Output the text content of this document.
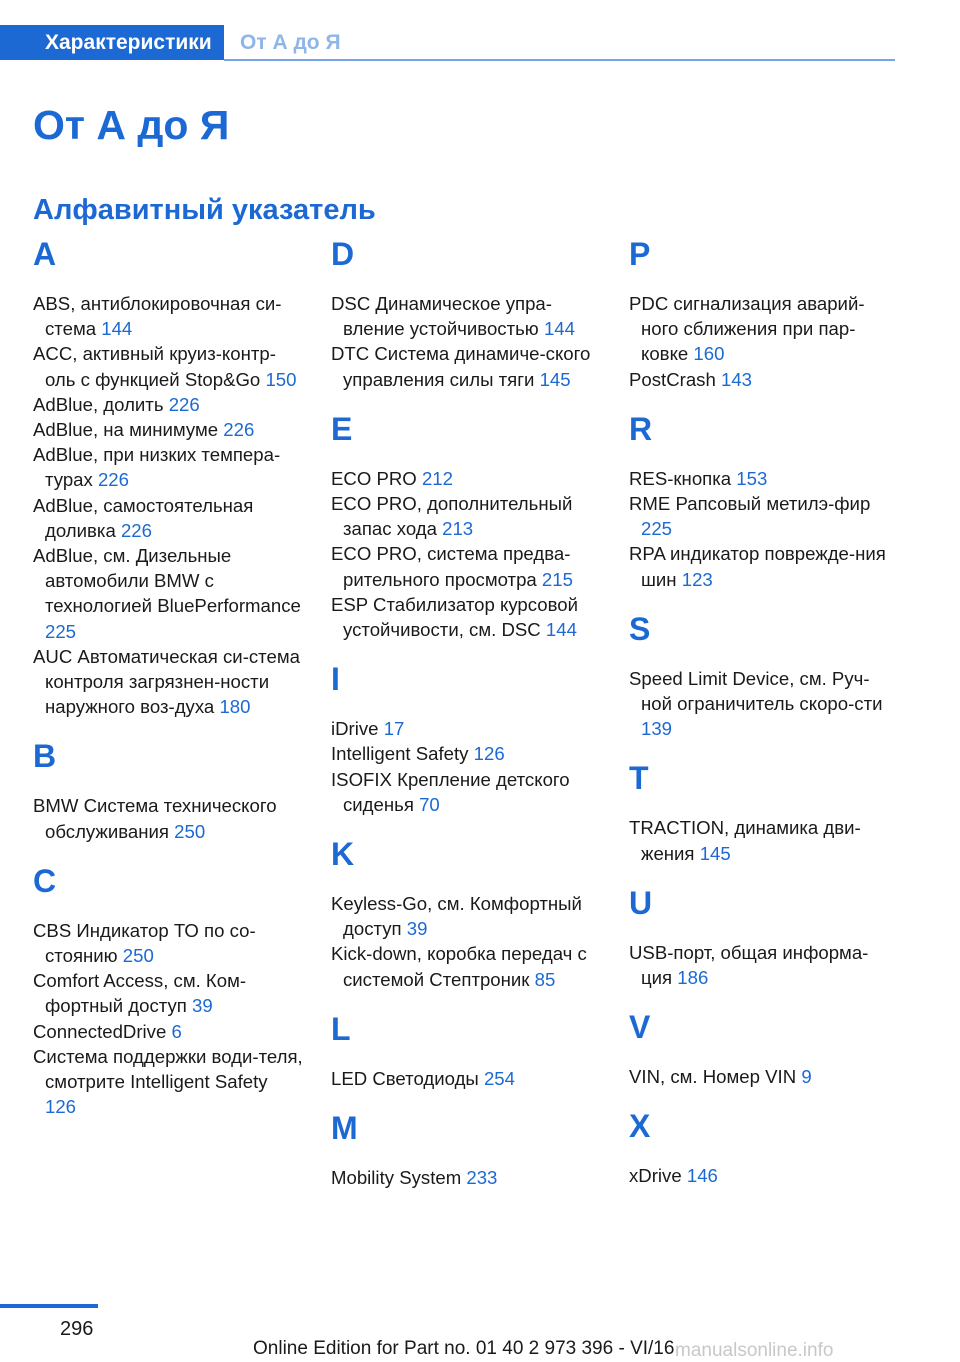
Характеристики	От А до Я
От А до Я
Алфавитный указатель
A
ABS, антиблокировочная си-стема 144
ACC, активный круиз-контр-оль с функцией Stop&Go 150
AdBlue, долить 226
AdBlue, на минимуме 226
AdBlue, при низких темпера-турах 226
AdBlue, самостоятельная доливка 226
AdBlue, см. Дизельные автомобили BMW с технологией BluePerformance 225
AUC Автоматическая си-стема контроля загрязнен-ности наружного воз-духа 180
B
BMW Система технического обслуживания 250
C
CBS Индикатор ТО по со-стоянию 250
Comfort Access, см. Ком-фортный доступ 39
ConnectedDrive 6
Система поддержки води-теля, смотрите Intelligent Safety 126
D
DSC Динамическое упра-вление устойчивостью 144
DTC Система динамиче-ского управления силы тяги 145
E
ECO PRO 212
ECO PRO, дополнительный запас хода 213
ECO PRO, система предва-рительного просмотра 215
ESP Стабилизатор курсовой устойчивости, см. DSC 144
I
iDrive 17
Intelligent Safety 126
ISOFIX Крепление детского сиденья 70
K
Keyless-Go, см. Комфортный доступ 39
Kick-down, коробка передач с системой Стептроник 85
L
LED Светодиоды 254
M
Mobility System 233
P
PDC сигнализация аварий-ного сближения при пар-ковке 160
PostCrash 143
R
RES-кнопка 153
RME Рапсовый метилэ-фир 225
RPA индикатор поврежде-ния шин 123
S
Speed Limit Device, см. Руч-ной ограничитель скоро-сти 139
T
TRACTION, динамика дви-жения 145
U
USB-порт, общая информа-ция 186
V
VIN, см. Номер VIN 9
X
xDrive 146
296
Online Edition for Part no. 01 40 2 973 396 - VI/16 manualsonline.info
